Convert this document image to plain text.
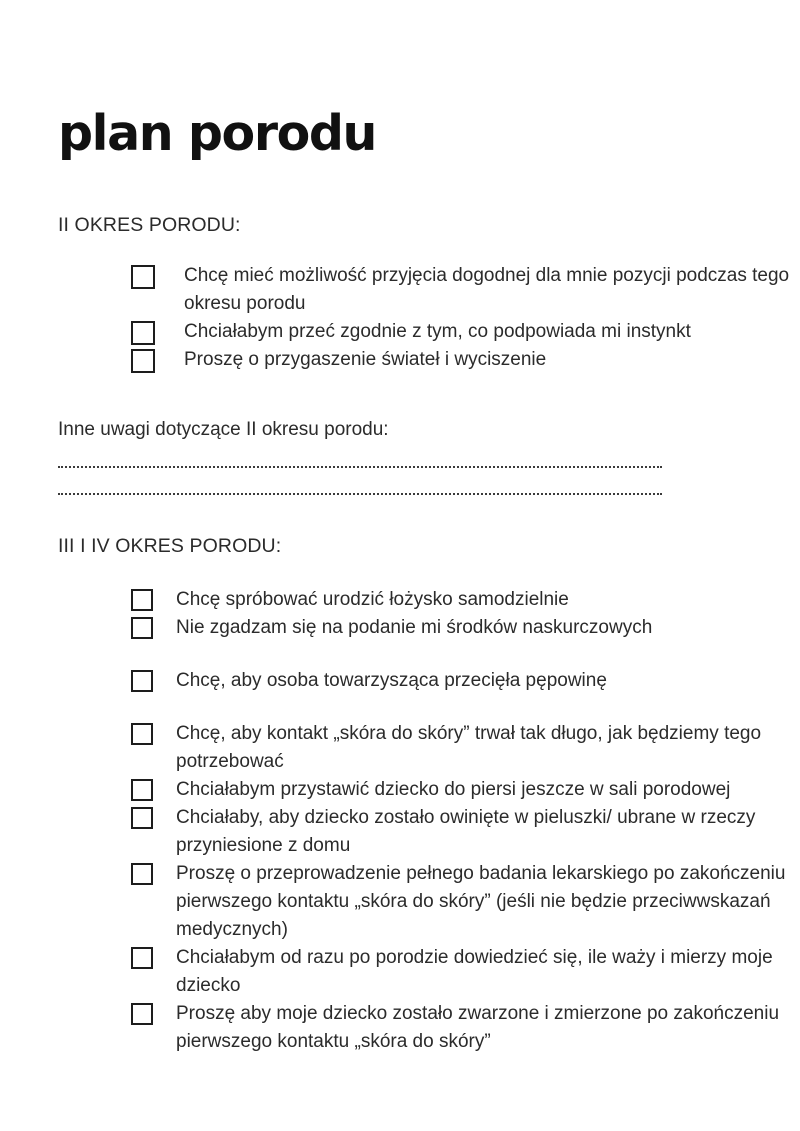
plan porodu
II OKRES PORODU:
Chcę mieć możliwość przyjęcia dogodnej dla mnie pozycji podczas tego okresu porodu
Chciałabym przeć zgodnie z tym, co podpowiada mi instynkt
Proszę o przygaszenie świateł i wyciszenie
Inne uwagi dotyczące II okresu porodu:
III I IV OKRES PORODU:
Chcę spróbować urodzić łożysko samodzielnie
Nie zgadzam się na podanie mi środków naskurczowych
Chcę, aby osoba towarzysząca przecięła pępowinę
Chcę, aby kontakt „skóra do skóry” trwał tak długo, jak będziemy tego potrzebować
Chciałabym przystawić dziecko do piersi jeszcze w sali porodowej
Chciałaby, aby dziecko zostało owinięte w pieluszki/ ubrane w rzeczy przyniesione z domu
Proszę o przeprowadzenie pełnego badania lekarskiego po zakończeniu pierwszego kontaktu „skóra do skóry” (jeśli nie będzie przeciwwskazań medycznych)
Chciałabym od razu po porodzie dowiedzieć się, ile waży i mierzy moje dziecko
Proszę aby moje dziecko zostało zwarzone i zmierzone po zakończeniu pierwszego kontaktu „skóra do skóry”
